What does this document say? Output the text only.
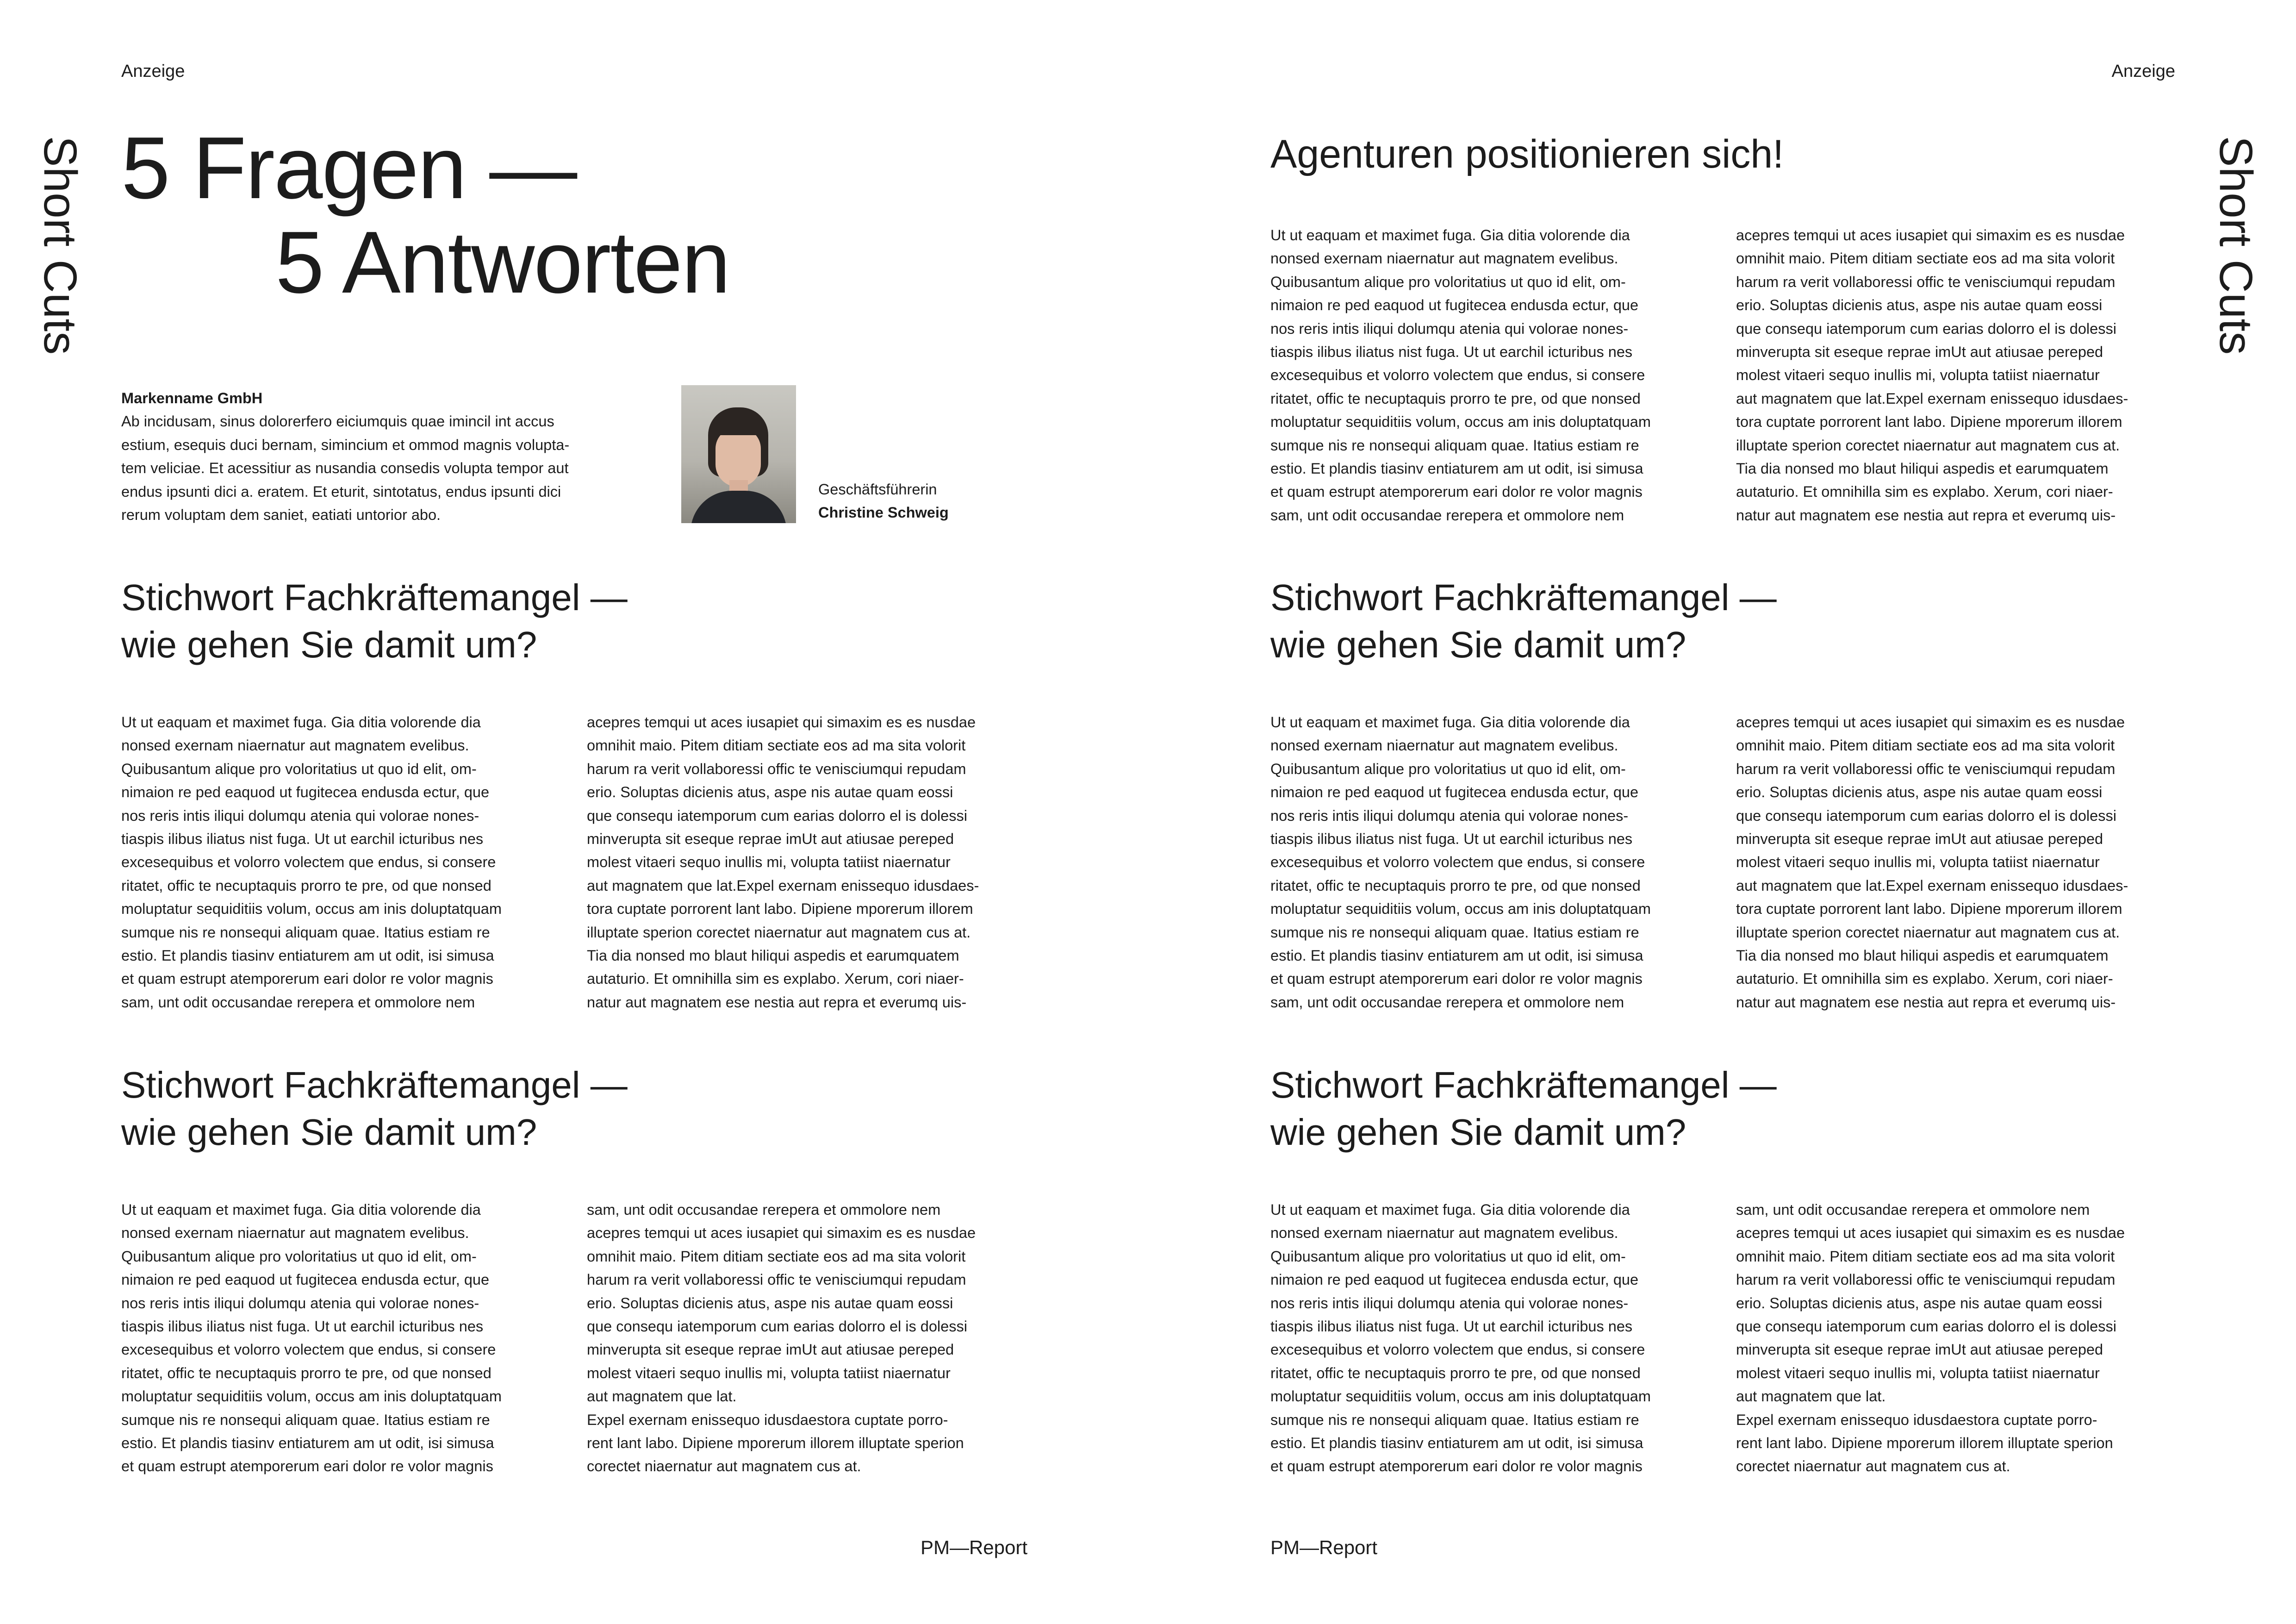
Anzeige	Anzeige
Short Cuts	Short Cuts
5 Fragen —
5 Antworten
Markenname GmbH
Ab incidusam, sinus dolorerfero eiciumquis quae imincil int accus
estium, esequis duci bernam, simincium et ommod magnis volupta-
tem veliciae. Et acessitiur as nusandia consedis volupta tempor aut
endus ipsunti dici a. eratem. Et eturit, sintotatus, endus ipsunti dici
rerum voluptam dem saniet, eatiati untorior abo.
Geschäftsführerin
Christine Schweig
Stichwort Fachkräftemangel —
wie gehen Sie damit um?
Ut ut eaquam et maximet fuga. Gia ditia volorende dia
nonsed exernam niaernatur aut magnatem evelibus.
Quibusantum alique pro voloritatius ut quo id elit, om-
nimaion re ped eaquod ut fugitecea endusda ectur, que
nos reris intis iliqui dolumqu atenia qui volorae nones-
tiaspis ilibus iliatus nist fuga. Ut ut earchil icturibus nes
excesequibus et volorro volectem que endus, si consere
ritatet, offic te necuptaquis prorro te pre, od que nonsed
moluptatur sequiditiis volum, occus am inis doluptatquam
sumque nis re nonsequi aliquam quae. Itatius estiam re
estio. Et plandis tiasinv entiaturem am ut odit, isi simusa
et quam estrupt atemporerum eari dolor re volor magnis
sam, unt odit occusandae rerepera et ommolore nem
acepres temqui ut aces iusapiet qui simaxim es es nusdae
omnihit maio. Pitem ditiam sectiate eos ad ma sita volorit
harum ra verit vollaboressi offic te venisciumqui repudam
erio. Soluptas dicienis atus, aspe nis autae quam eossi
que consequ iatemporum cum earias dolorro el is dolessi
minverupta sit eseque reprae imUt aut atiusae pereped
molest vitaeri sequo inullis mi, volupta tatiist niaernatur
aut magnatem que lat.Expel exernam enissequo idusdaes-
tora cuptate porrorent lant labo. Dipiene mporerum illorem
illuptate sperion corectet niaernatur aut magnatem cus at.
Tia dia nonsed mo blaut hiliqui aspedis et earumquatem
autaturio. Et omnihilla sim es explabo. Xerum, cori niaer-
natur aut magnatem ese nestia aut repra et everumq uis-
Stichwort Fachkräftemangel —
wie gehen Sie damit um?
Ut ut eaquam et maximet fuga. Gia ditia volorende dia
nonsed exernam niaernatur aut magnatem evelibus.
Quibusantum alique pro voloritatius ut quo id elit, om-
nimaion re ped eaquod ut fugitecea endusda ectur, que
nos reris intis iliqui dolumqu atenia qui volorae nones-
tiaspis ilibus iliatus nist fuga. Ut ut earchil icturibus nes
excesequibus et volorro volectem que endus, si consere
ritatet, offic te necuptaquis prorro te pre, od que nonsed
moluptatur sequiditiis volum, occus am inis doluptatquam
sumque nis re nonsequi aliquam quae. Itatius estiam re
estio. Et plandis tiasinv entiaturem am ut odit, isi simusa
et quam estrupt atemporerum eari dolor re volor magnis
sam, unt odit occusandae rerepera et ommolore nem
acepres temqui ut aces iusapiet qui simaxim es es nusdae
omnihit maio. Pitem ditiam sectiate eos ad ma sita volorit
harum ra verit vollaboressi offic te venisciumqui repudam
erio. Soluptas dicienis atus, aspe nis autae quam eossi
que consequ iatemporum cum earias dolorro el is dolessi
minverupta sit eseque reprae imUt aut atiusae pereped
molest vitaeri sequo inullis mi, volupta tatiist niaernatur
aut magnatem que lat.
Expel exernam enissequo idusdaestora cuptate porro-
rent lant labo. Dipiene mporerum illorem illuptate sperion
corectet niaernatur aut magnatem cus at.
PM—Report
Agenturen positionieren sich!
Ut ut eaquam et maximet fuga. Gia ditia volorende dia
nonsed exernam niaernatur aut magnatem evelibus.
Quibusantum alique pro voloritatius ut quo id elit, om-
nimaion re ped eaquod ut fugitecea endusda ectur, que
nos reris intis iliqui dolumqu atenia qui volorae nones-
tiaspis ilibus iliatus nist fuga. Ut ut earchil icturibus nes
excesequibus et volorro volectem que endus, si consere
ritatet, offic te necuptaquis prorro te pre, od que nonsed
moluptatur sequiditiis volum, occus am inis doluptatquam
sumque nis re nonsequi aliquam quae. Itatius estiam re
estio. Et plandis tiasinv entiaturem am ut odit, isi simusa
et quam estrupt atemporerum eari dolor re volor magnis
sam, unt odit occusandae rerepera et ommolore nem
acepres temqui ut aces iusapiet qui simaxim es es nusdae
omnihit maio. Pitem ditiam sectiate eos ad ma sita volorit
harum ra verit vollaboressi offic te venisciumqui repudam
erio. Soluptas dicienis atus, aspe nis autae quam eossi
que consequ iatemporum cum earias dolorro el is dolessi
minverupta sit eseque reprae imUt aut atiusae pereped
molest vitaeri sequo inullis mi, volupta tatiist niaernatur
aut magnatem que lat.Expel exernam enissequo idusdaes-
tora cuptate porrorent lant labo. Dipiene mporerum illorem
illuptate sperion corectet niaernatur aut magnatem cus at.
Tia dia nonsed mo blaut hiliqui aspedis et earumquatem
autaturio. Et omnihilla sim es explabo. Xerum, cori niaer-
natur aut magnatem ese nestia aut repra et everumq uis-
Stichwort Fachkräftemangel —
wie gehen Sie damit um?
Ut ut eaquam et maximet fuga. Gia ditia volorende dia
nonsed exernam niaernatur aut magnatem evelibus.
Quibusantum alique pro voloritatius ut quo id elit, om-
nimaion re ped eaquod ut fugitecea endusda ectur, que
nos reris intis iliqui dolumqu atenia qui volorae nones-
tiaspis ilibus iliatus nist fuga. Ut ut earchil icturibus nes
excesequibus et volorro volectem que endus, si consere
ritatet, offic te necuptaquis prorro te pre, od que nonsed
moluptatur sequiditiis volum, occus am inis doluptatquam
sumque nis re nonsequi aliquam quae. Itatius estiam re
estio. Et plandis tiasinv entiaturem am ut odit, isi simusa
et quam estrupt atemporerum eari dolor re volor magnis
sam, unt odit occusandae rerepera et ommolore nem
acepres temqui ut aces iusapiet qui simaxim es es nusdae
omnihit maio. Pitem ditiam sectiate eos ad ma sita volorit
harum ra verit vollaboressi offic te venisciumqui repudam
erio. Soluptas dicienis atus, aspe nis autae quam eossi
que consequ iatemporum cum earias dolorro el is dolessi
minverupta sit eseque reprae imUt aut atiusae pereped
molest vitaeri sequo inullis mi, volupta tatiist niaernatur
aut magnatem que lat.Expel exernam enissequo idusdaes-
tora cuptate porrorent lant labo. Dipiene mporerum illorem
illuptate sperion corectet niaernatur aut magnatem cus at.
Tia dia nonsed mo blaut hiliqui aspedis et earumquatem
autaturio. Et omnihilla sim es explabo. Xerum, cori niaer-
natur aut magnatem ese nestia aut repra et everumq uis-
Stichwort Fachkräftemangel —
wie gehen Sie damit um?
Ut ut eaquam et maximet fuga. Gia ditia volorende dia
nonsed exernam niaernatur aut magnatem evelibus.
Quibusantum alique pro voloritatius ut quo id elit, om-
nimaion re ped eaquod ut fugitecea endusda ectur, que
nos reris intis iliqui dolumqu atenia qui volorae nones-
tiaspis ilibus iliatus nist fuga. Ut ut earchil icturibus nes
excesequibus et volorro volectem que endus, si consere
ritatet, offic te necuptaquis prorro te pre, od que nonsed
moluptatur sequiditiis volum, occus am inis doluptatquam
sumque nis re nonsequi aliquam quae. Itatius estiam re
estio. Et plandis tiasinv entiaturem am ut odit, isi simusa
et quam estrupt atemporerum eari dolor re volor magnis
sam, unt odit occusandae rerepera et ommolore nem
acepres temqui ut aces iusapiet qui simaxim es es nusdae
omnihit maio. Pitem ditiam sectiate eos ad ma sita volorit
harum ra verit vollaboressi offic te venisciumqui repudam
erio. Soluptas dicienis atus, aspe nis autae quam eossi
que consequ iatemporum cum earias dolorro el is dolessi
minverupta sit eseque reprae imUt aut atiusae pereped
molest vitaeri sequo inullis mi, volupta tatiist niaernatur
aut magnatem que lat.
Expel exernam enissequo idusdaestora cuptate porro-
rent lant labo. Dipiene mporerum illorem illuptate sperion
corectet niaernatur aut magnatem cus at.
PM—Report
